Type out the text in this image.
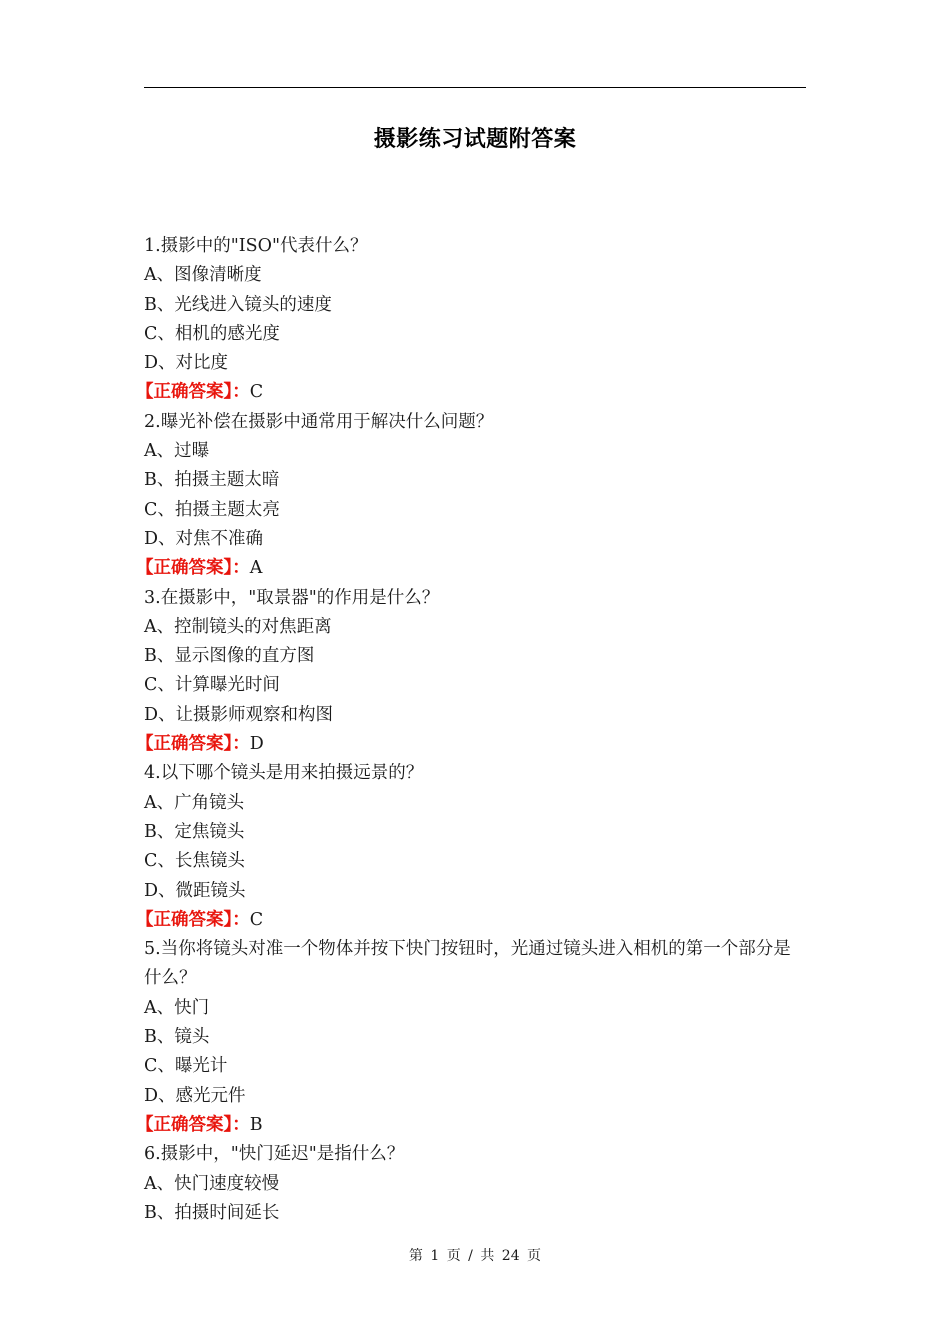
摄影练习试题附答案
1.摄影中的"ISO"代表什么？
A、图像清晰度
B、光线进入镜头的速度
C、相机的感光度
D、对比度
【正确答案】：C
2.曝光补偿在摄影中通常用于解决什么问题？
A、过曝
B、拍摄主题太暗
C、拍摄主题太亮
D、对焦不准确
【正确答案】：A
3.在摄影中，"取景器"的作用是什么？
A、控制镜头的对焦距离
B、显示图像的直方图
C、计算曝光时间
D、让摄影师观察和构图
【正确答案】：D
4.以下哪个镜头是用来拍摄远景的？
A、广角镜头
B、定焦镜头
C、长焦镜头
D、微距镜头
【正确答案】：C
5.当你将镜头对准一个物体并按下快门按钮时，光通过镜头进入相机的第一个部分是什么？
A、快门
B、镜头
C、曝光计
D、感光元件
【正确答案】：B
6.摄影中，"快门延迟"是指什么？
A、快门速度较慢
B、拍摄时间延长
第 1 页 / 共 24 页
